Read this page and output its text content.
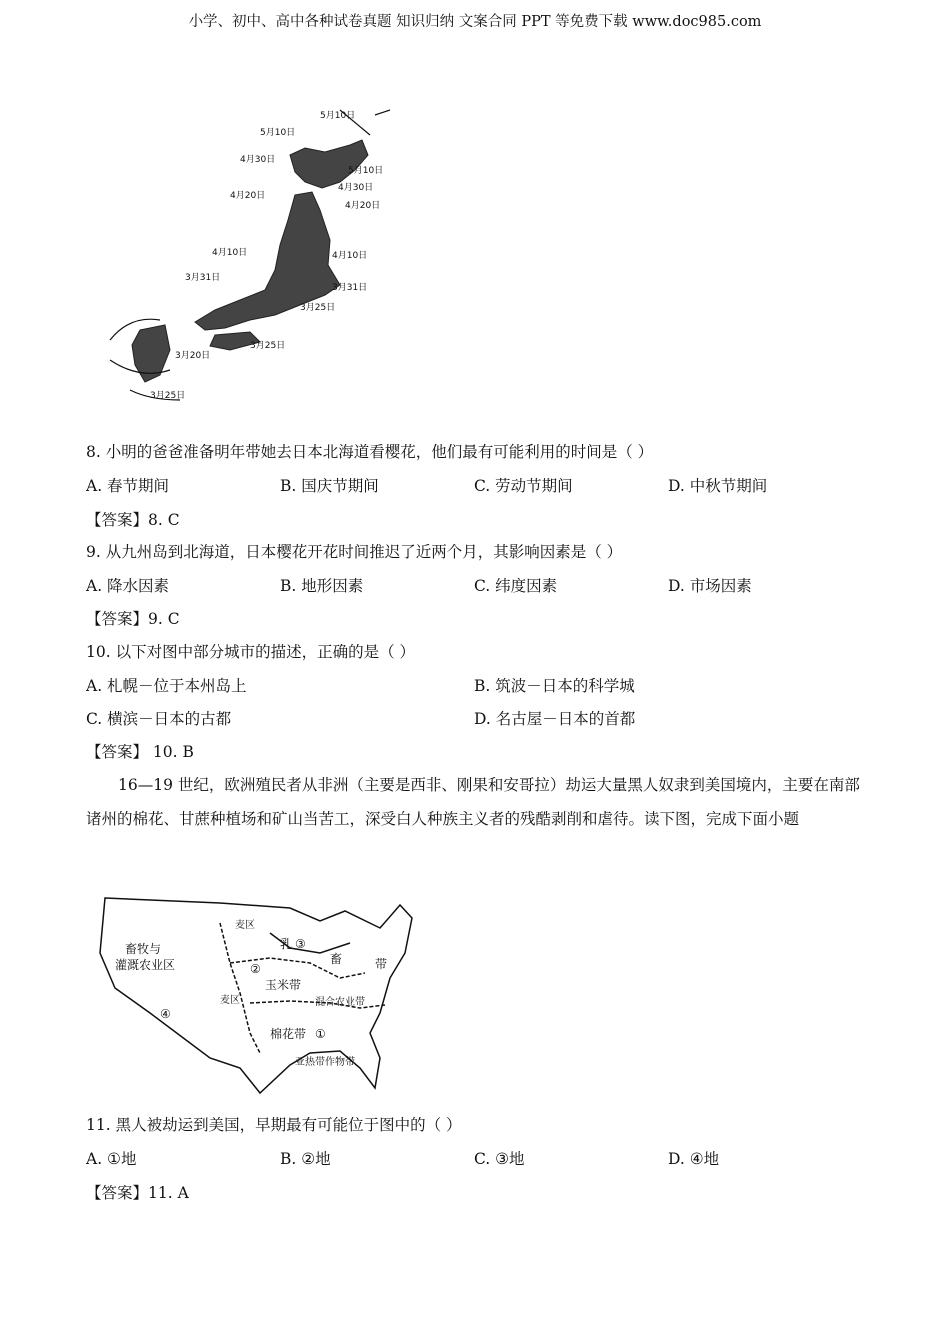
小学、初中、高中各种试卷真题 知识归纳 文案合同 PPT 等免费下载 www.doc985.com
5月10日
5月10日
4月30日
5月10日
4月30日
4月20日
4月20日
4月10日	4月10日
3月31日
3月31日
3月25日
3月25日
3月20日
3月25日
8. 小明的爸爸准备明年带她去日本北海道看樱花，他们最有可能利用的时间是（ ）
A. 春节期间	B. 国庆节期间	C. 劳动节期间	D. 中秋节期间
【答案】8. C
9. 从九州岛到北海道，日本樱花开花时间推迟了近两个月，其影响因素是（ ）
A. 降水因素	B. 地形因素	C. 纬度因素	D. 市场因素
【答案】9. C
10. 以下对图中部分城市的描述，正确的是（ ）
A. 札幌－位于本州岛上	B. 筑波－日本的科学城
C. 横滨－日本的古都	D. 名古屋－日本的首都
【答案】 10. B
16—19 世纪，欧洲殖民者从非洲（主要是西非、刚果和安哥拉）劫运大量黑人奴隶到美国境内，主要在南部诸州的棉花、甘蔗种植场和矿山当苦工，深受白人种族主义者的残酷剥削和虐待。读下图，完成下面小题
畜牧与
灌溉农业区
④
②
玉米带
乳 ③
畜	带
混合农业带
棉花带 ①
亚热带作物带
麦区
麦区
11. 黑人被劫运到美国，早期最有可能位于图中的（ ）
A. ①地	B. ②地	C. ③地	D. ④地
【答案】11. A
